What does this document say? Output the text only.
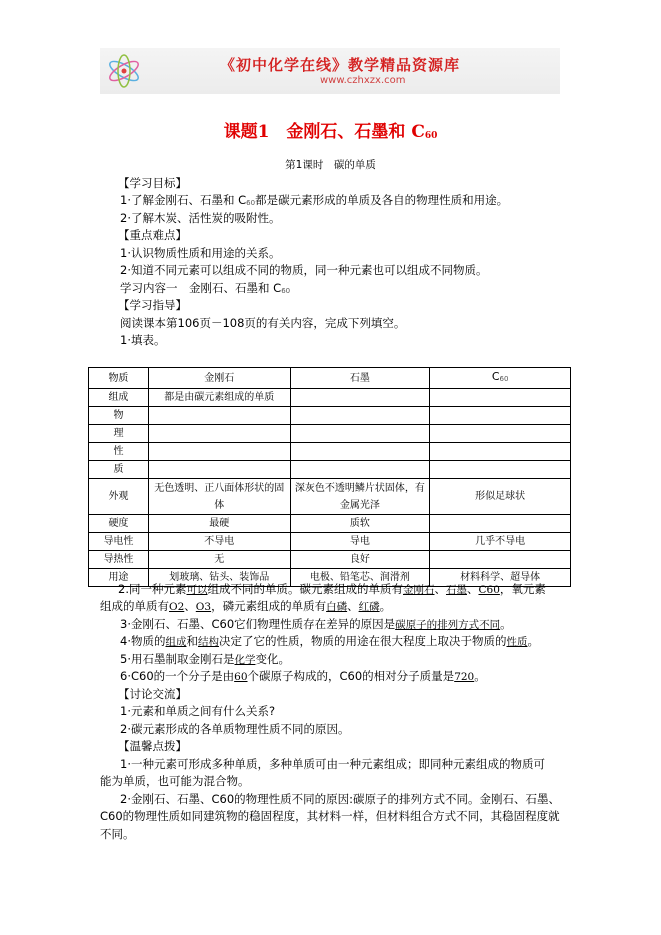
《初中化学在线》教学精品资源库
www.czhxzx.com
课题1　金刚石、石墨和 $C_{60}$
第1课时　碳的单质
【学习目标】
1·了解金刚石、石墨和 $C_{60}$都是碳元素形成的单质及各自的物理性质和用途。
2·了解木炭、活性炭的吸附性。
【重点难点】
1·认识物质性质和用途的关系。
2·知道不同元素可以组成不同的物质，同一种元素也可以组成不同物质。
学习内容一　金刚石、石墨和 $C_{60}$
【学习指导】
阅读课本第106页－108页的有关内容，完成下列填空。
1·填表。
物质	金刚石	石墨	$C_{60}$
组成	都是由碳元素组成的单质		
物			
理			
性			
质			
外观	无色透明、正八面体形状的固体	深灰色不透明鳞片状固体，有金属光泽	形似足球状
硬度	最硬	质软	
导电性	不导电	导电	几乎不导电
导热性	无	良好	
用途	划玻璃、钻头、装饰品	电极、铅笔芯、润滑剂	材料科学、超导体
2.同一种元素可以组成不同的单质。碳元素组成的单质有金刚石、石墨、C60，氧元素
组成的单质有O2、O3，磷元素组成的单质有白磷、红磷。
3·金刚石、石墨、C60它们物理性质存在差异的原因是碳原子的排列方式不同。
4·物质的组成和结构决定了它的性质，物质的用途在很大程度上取决于物质的性质。
5·用石墨制取金刚石是化学变化。
6·C60的一个分子是由60个碳原子构成的，C60的相对分子质量是720。
【讨论交流】
1·元素和单质之间有什么关系?
2·碳元素形成的各单质物理性质不同的原因。
【温馨点拨】
1·一种元素可形成多种单质，多种单质可由一种元素组成；即同种元素组成的物质可
能为单质，也可能为混合物。
2·金刚石、石墨、C60的物理性质不同的原因:碳原子的排列方式不同。金刚石、石墨、
C60的物理性质如同建筑物的稳固程度，其材料一样，但材料组合方式不同，其稳固程度就
不同。
